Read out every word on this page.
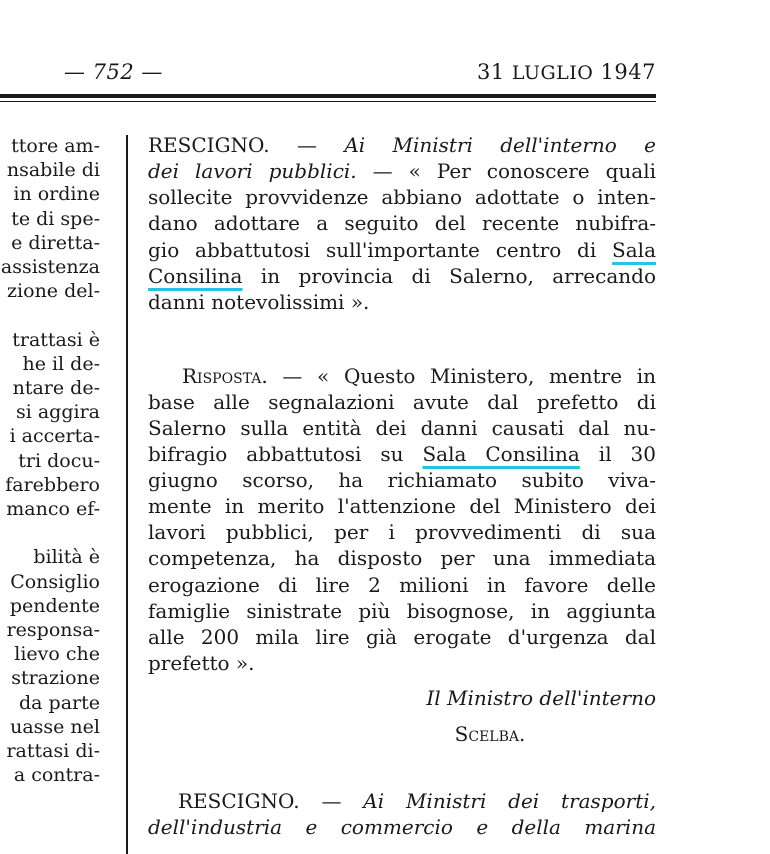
— 752 —	31 LUGLIO 1947
ttore am-
nsabile di
in ordine
te di spe-
e diretta-
assistenza
zione del-

trattasi è
he il de-
ntare de-
si aggira
i accerta-
tri docu-
farebbero
manco ef-

bilità è
Consiglio
pendente
responsa-
lievo che
strazione
da parte
uasse nel
rattasi di-
a contra-
RESCIGNO. — Ai Ministri dell'interno e
dei lavori pubblici. — « Per conoscere quali
sollecite provvidenze abbiano adottate o inten-
dano adottare a seguito del recente nubifra-
gio abbattutosi sull'importante centro di Sala
Consilina in provincia di Salerno, arrecando
danni notevolissimi ».
Risposta. — « Questo Ministero, mentre in
base alle segnalazioni avute dal prefetto di
Salerno sulla entità dei danni causati dal nu-
bifragio abbattutosi su Sala Consilina il 30
giugno scorso, ha richiamato subito viva-
mente in merito l'attenzione del Ministero dei
lavori pubblici, per i provvedimenti di sua
competenza, ha disposto per una immediata
erogazione di lire 2 milioni in favore delle
famiglie sinistrate più bisognose, in aggiunta
alle 200 mila lire già erogate d'urgenza dal
prefetto ».
Il Ministro dell'interno
Scelba.
RESCIGNO. — Ai Ministri dei trasporti,
dell'industria e commercio e della marina
